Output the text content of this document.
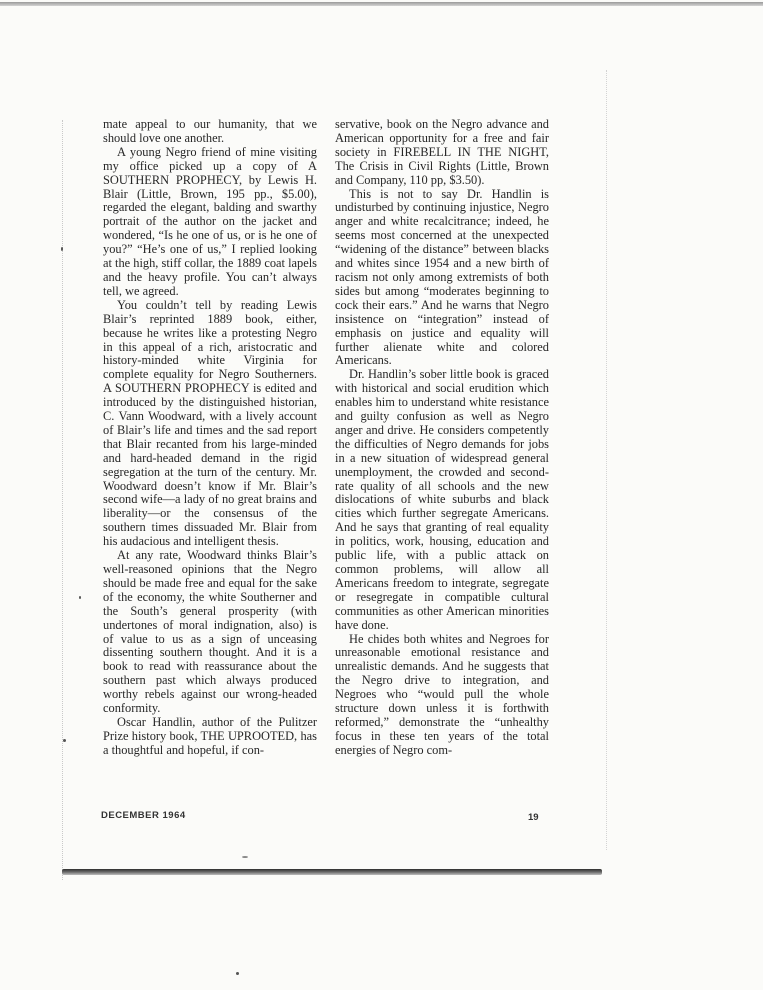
mate appeal to our humanity, that we should love one another.

A young Negro friend of mine visiting my office picked up a copy of A SOUTHERN PROPHECY, by Lewis H. Blair (Little, Brown, 195 pp., $5.00), regarded the elegant, balding and swarthy portrait of the author on the jacket and wondered, “Is he one of us, or is he one of you?” “He’s one of us,” I replied looking at the high, stiff collar, the 1889 coat lapels and the heavy profile. You can’t always tell, we agreed.

You couldn’t tell by reading Lewis Blair’s reprinted 1889 book, either, because he writes like a protesting Negro in this appeal of a rich, aristocratic and history-minded white Virginia for complete equality for Negro Southerners. A SOUTHERN PROPHECY is edited and introduced by the distinguished historian, C. Vann Woodward, with a lively account of Blair’s life and times and the sad report that Blair recanted from his large-minded and hard-headed demand in the rigid segregation at the turn of the century. Mr. Woodward doesn’t know if Mr. Blair’s second wife—a lady of no great brains and liberality—or the consensus of the southern times dissuaded Mr. Blair from his audacious and intelligent thesis.

At any rate, Woodward thinks Blair’s well-reasoned opinions that the Negro should be made free and equal for the sake of the economy, the white Southerner and the South’s general prosperity (with undertones of moral indignation, also) is of value to us as a sign of unceasing dissenting southern thought. And it is a book to read with reassurance about the southern past which always produced worthy rebels against our wrong-headed conformity.

Oscar Handlin, author of the Pulitzer Prize history book, THE UPROOTED, has a thoughtful and hopeful, if con-

servative, book on the Negro advance and American opportunity for a free and fair society in FIREBELL IN THE NIGHT, The Crisis in Civil Rights (Little, Brown and Company, 110 pp, $3.50).

This is not to say Dr. Handlin is undisturbed by continuing injustice, Negro anger and white recalcitrance; indeed, he seems most concerned at the unexpected “widening of the distance” between blacks and whites since 1954 and a new birth of racism not only among extremists of both sides but among “moderates beginning to cock their ears.” And he warns that Negro insistence on “integration” instead of emphasis on justice and equality will further alienate white and colored Americans.

Dr. Handlin’s sober little book is graced with historical and social erudition which enables him to understand white resistance and guilty confusion as well as Negro anger and drive. He considers competently the difficulties of Negro demands for jobs in a new situation of widespread general unemployment, the crowded and second-rate quality of all schools and the new dislocations of white suburbs and black cities which further segregate Americans. And he says that granting of real equality in politics, work, housing, education and public life, with a public attack on common problems, will allow all Americans freedom to integrate, segregate or resegregate in compatible cultural communities as other American minorities have done.

He chides both whites and Negroes for unreasonable emotional resistance and unrealistic demands. And he suggests that the Negro drive to integration, and Negroes who “would pull the whole structure down unless it is forthwith reformed,” demonstrate the “unhealthy focus in these ten years of the total energies of Negro com-

DECEMBER 1964	19
